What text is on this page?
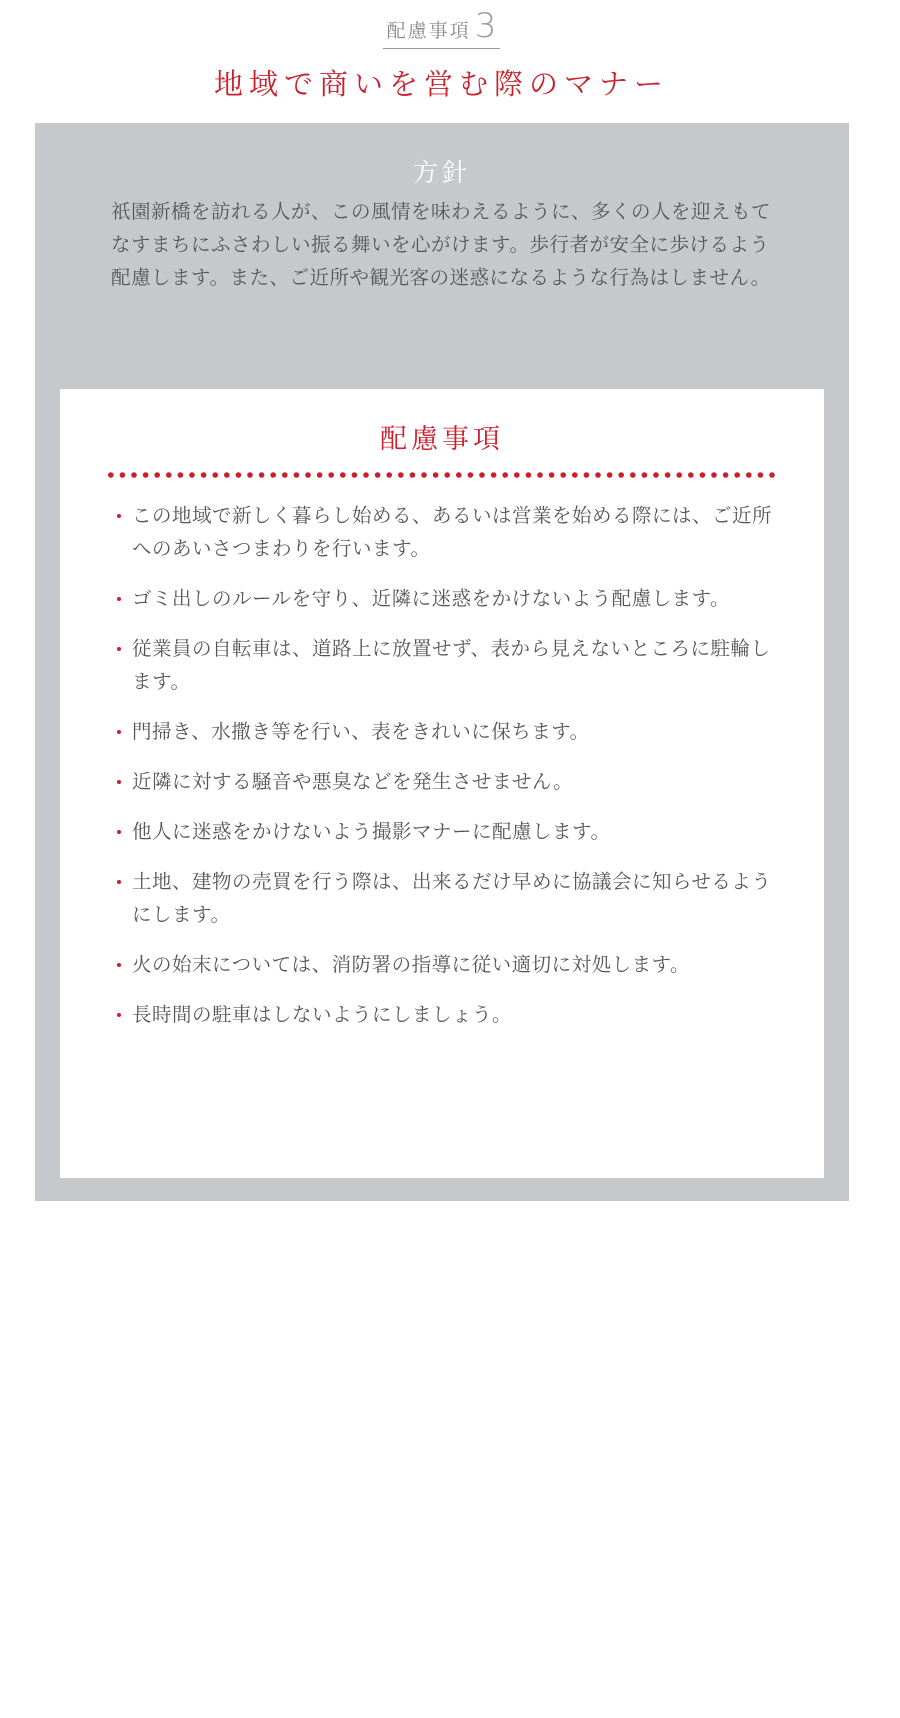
配慮事項 3
地域で商いを営む際のマナー
方針
祇園新橋を訪れる人が、この風情を味わえるように、多くの人を迎えもてなすまちにふさわしい振る舞いを心がけます。歩行者が安全に歩けるよう配慮します。また、ご近所や観光客の迷惑になるような行為はしません。
配慮事項
この地域で新しく暮らし始める、あるいは営業を始める際には、ご近所へのあいさつまわりを行います。
ゴミ出しのルールを守り、近隣に迷惑をかけないよう配慮します。
従業員の自転車は、道路上に放置せず、表から見えないところに駐輪します。
門掃き、水撒き等を行い、表をきれいに保ちます。
近隣に対する騒音や悪臭などを発生させません。
他人に迷惑をかけないよう撮影マナーに配慮します。
土地、建物の売買を行う際は、出来るだけ早めに協議会に知らせるようにします。
火の始末については、消防署の指導に従い適切に対処します。
長時間の駐車はしないようにしましょう。
